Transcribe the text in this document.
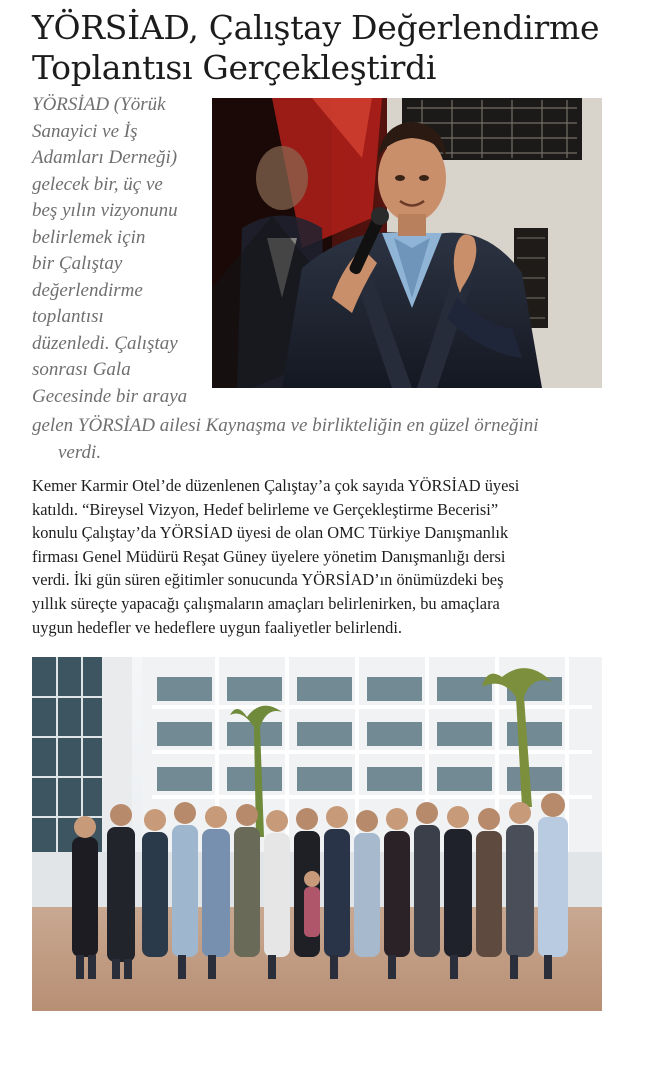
YÖRSİAD, Çalıştay Değerlendirme
Toplantısı Gerçekleştirdi

YÖRSİAD (Yörük
Sanayici ve İş
Adamları Derneği)
gelecek bir, üç ve
beş yılın vizyonunu
belirlemek için
bir Çalıştay
değerlendirme
toplantısı
düzenledi. Çalıştay
sonrası Gala
Gecesinde bir araya

gelen YÖRSİAD ailesi Kaynaşma ve birlikteliğin en güzel örneğini
verdi.

Kemer Karmir Otel’de düzenlenen Çalıştay’a çok sayıda YÖRSİAD üyesi
katıldı. “Bireysel Vizyon, Hedef belirleme ve Gerçekleştirme Becerisi”
konulu Çalıştay’da YÖRSİAD üyesi de olan OMC Türkiye Danışmanlık
firması Genel Müdürü Reşat Güney üyelere yönetim Danışmanlığı dersi
verdi. İki gün süren eğitimler sonucunda YÖRSİAD’ın önümüzdeki beş
yıllık süreçte yapacağı çalışmaların amaçları belirlenirken, bu amaçlara
uygun hedefler ve hedeflere uygun faaliyetler belirlendi.
